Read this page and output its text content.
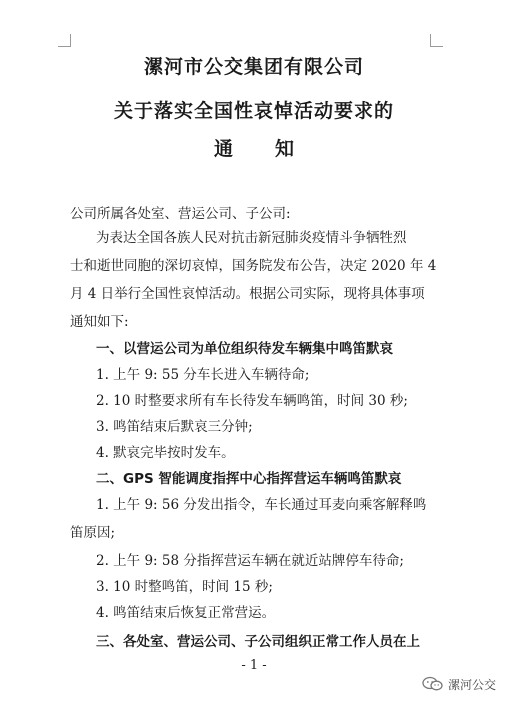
漯河市公交集团有限公司
关于落实全国性哀悼活动要求的
通 知
公司所属各处室、营运公司、子公司:
为表达全国各族人民对抗击新冠肺炎疫情斗争牺牲烈
士和逝世同胞的深切哀悼，国务院发布公告，决定 2020 年 4
月 4 日举行全国性哀悼活动。根据公司实际，现将具体事项
通知如下:
一、以营运公司为单位组织待发车辆集中鸣笛默哀
1. 上午 9: 55 分车长进入车辆待命;
2. 10 时整要求所有车长待发车辆鸣笛，时间 30 秒;
3. 鸣笛结束后默哀三分钟;
4. 默哀完毕按时发车。
二、GPS 智能调度指挥中心指挥营运车辆鸣笛默哀
1. 上午 9: 56 分发出指令，车长通过耳麦向乘客解释鸣
笛原因;
2. 上午 9: 58 分指挥营运车辆在就近站牌停车待命;
3. 10 时整鸣笛，时间 15 秒;
4. 鸣笛结束后恢复正常营运。
三、各处室、营运公司、子公司组织正常工作人员在上
- 1 -
漯河公交
